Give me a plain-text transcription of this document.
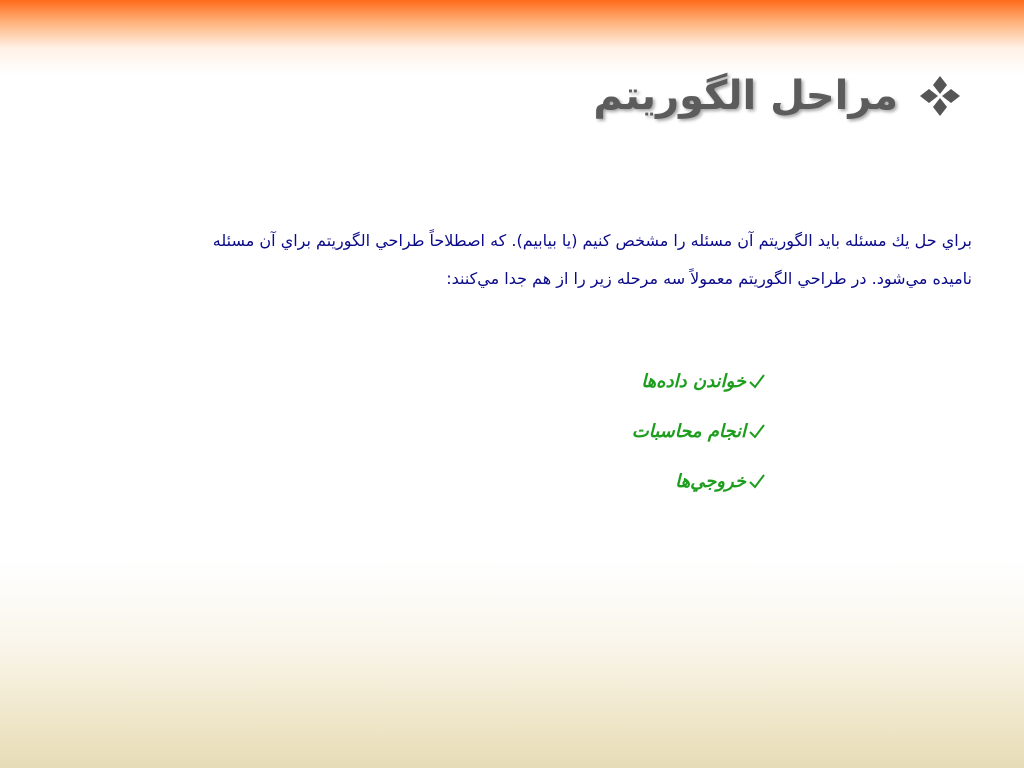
مراحل الگوريتم

براي حل يك مسئله بايد الگوريتم آن مسئله را مشخص كنيم (يا بيابيم). كه اصطلاحاً طراحي الگوريتم براي آن مسئله

ناميده مي‌شود. در طراحي الگوريتم معمولاً سه مرحله زير را از هم جدا مي‌كنند:

خواندن داده‌ها
انجام محاسبات
خروجي‌ها
